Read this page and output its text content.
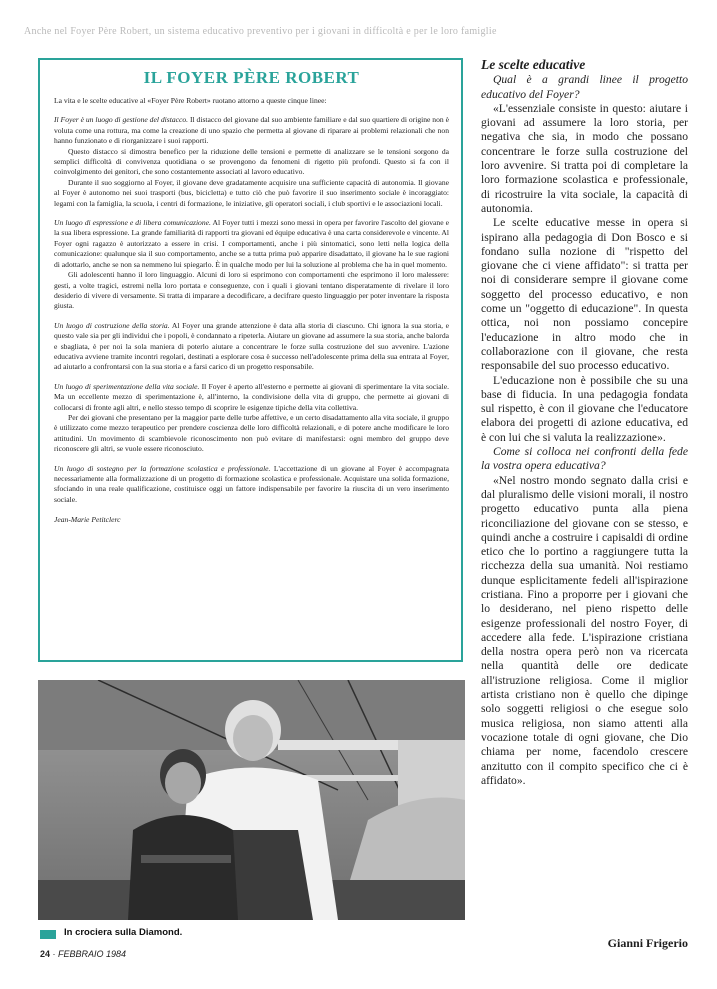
Anche nel Foyer Père Robert, un sistema educativo preventivo per i giovani in difficoltà e per le loro famiglie
IL FOYER PÈRE ROBERT

La vita e le scelte educative al «Foyer Père Robert» ruotano attorno a queste cinque linee:

Il Foyer è un luogo di gestione del distacco. Il distacco del giovane dal suo ambiente familiare e dal suo quartiere di origine non è voluta come una rottura, ma come la creazione di uno spazio che permetta al giovane di riparare ai problemi relazionali che non hanno funzionato e di riorganizzare i suoi rapporti.

Questo distacco si dimostra benefico per la riduzione delle tensioni e permette di analizzare se le tensioni sorgono da semplici difficoltà di convivenza quotidiana o se provengono da fenomeni di rigetto più profondi. Questo si fa con il coinvolgimento dei genitori, che sono costantemente associati al lavoro educativo.

Durante il suo soggiorno al Foyer, il giovane deve gradatamente acquisire una sufficiente capacità di autonomia. Il giovane al Foyer è autonomo nei suoi trasporti (bus, bicicletta) e tutto ciò che può favorire il suo inserimento sociale è incoraggiato: legami con la famiglia, la scuola, i centri di formazione, le iniziative, gli operatori sociali, i club sportivi e le associazioni locali.

Un luogo di espressione e di libera comunicazione. Al Foyer tutti i mezzi sono messi in opera per favorire l'ascolto del giovane e la sua libera espressione. La grande familiarità di rapporti tra giovani ed équipe educativa è una carta considerevole e vincente. Al Foyer ogni ragazzo è autorizzato a essere in crisi. I comportamenti, anche i più sintomatici, sono letti nella logica della comunicazione: qualunque sia il suo comportamento, anche se a tutta prima può apparire disadattato, il giovane ha le sue ragioni di adottarlo, anche se non sa nemmeno lui spiegarlo. È in qualche modo per lui la soluzione al problema che ha in quel momento.

Gli adolescenti hanno il loro linguaggio. Alcuni di loro si esprimono con comportamenti che esprimono il loro malessere: gesti, a volte tragici, estremi nella loro portata e conseguenze, con i quali i giovani tentano disperatamente di rivelare il loro desiderio di vivere di versamente. Si tratta di imparare a decodificare, a decifrare questo linguaggio per poter inventare la risposta giusta.

Un luogo di costruzione della storia. Al Foyer una grande attenzione è data alla storia di ciascuno. Chi ignora la sua storia, e questo vale sia per gli individui che i popoli, è condannato a ripeterla. Aiutare un giovane ad assumere la sua storia, anche balorda e sbagliata, è per noi la sola maniera di poterlo aiutare a concentrare le forze sulla costruzione del suo avvenire. L'azione educativa avviene tramite incontri regolari, destinati a esplorare cosa è successo nell'adolescente prima della sua entrata al Foyer, ad aiutarlo a confrontarsi con la sua storia e a farsi carico di un progetto responsabile.

Un luogo di sperimentazione della vita sociale. Il Foyer è aperto all'esterno e permette ai giovani di sperimentare la vita sociale. Ma un eccellente mezzo di sperimentazione è, all'interno, la condivisione della vita di gruppo, che permette ai giovani di collocarsi di fronte agli altri, e nello stesso tempo di scoprire le esigenze tipiche della vita collettiva.

Per dei giovani che presentano per la maggior parte delle turbe affettive, e un certo disadattamento alla vita sociale, il gruppo è utilizzato come mezzo terapeutico per prendere coscienza delle loro difficoltà relazionali, e di potere anche modificare le loro attitudini. Un movimento di scambievole riconoscimento non può evitare di manifestarsi: ogni membro del gruppo deve riconoscere gli altri, se vuole essere riconosciuto.

Un luogo di sostegno per la formazione scolastica e professionale. L'accettazione di un giovane al Foyer è accompagnata necessariamente alla formalizzazione di un progetto di formazione scolastica e professionale. Acquistare una solida formazione, sfociando in una reale qualificazione, costituisce oggi un fattore indispensabile per favorire la riuscita di un vero inserimento sociale.

Jean-Marie Petitclerc

In crociera sulla Diamond.
24 · FEBBRAIO 1984
Le scelte educative

Qual è a grandi linee il progetto educativo del Foyer?

«L'essenziale consiste in questo: aiutare i giovani ad assumere la loro storia, per negativa che sia, in modo che possano concentrare le forze sulla costruzione del loro avvenire. Si tratta poi di completare la loro formazione scolastica e professionale, di ricostruire la vita sociale, la capacità di autonomia.

Le scelte educative messe in opera si ispirano alla pedagogia di Don Bosco e si fondano sulla nozione di "rispetto del giovane che ci viene affidato": si tratta per noi di considerare sempre il giovane come soggetto del processo educativo, e non come un "oggetto di educazione". In questa ottica, noi non possiamo concepire l'educazione in altro modo che in collaborazione con il giovane, che resta responsabile del suo processo educativo.

L'educazione non è possibile che su una base di fiducia. In una pedagogia fondata sul rispetto, è con il giovane che l'educatore elabora dei progetti di azione educativa, ed è con lui che si valuta la realizzazione».

Come si colloca nei confronti della fede la vostra opera educativa?

«Nel nostro mondo segnato dalla crisi e dal pluralismo delle visioni morali, il nostro progetto educativo punta alla piena riconciliazione del giovane con se stesso, e quindi anche a costruire i capisaldi di ordine etico che lo portino a raggiungere tutta la ricchezza della sua umanità. Noi restiamo dunque esplicitamente fedeli all'ispirazione cristiana. Fino a proporre per i giovani che lo desiderano, nel pieno rispetto delle esigenze professionali del nostro Foyer, di accedere alla fede. L'ispirazione cristiana della nostra opera però non va ricercata nella quantità delle ore dedicate all'istruzione religiosa. Come il miglior artista cristiano non è quello che dipinge solo soggetti religiosi o che esegue solo musica religiosa, non siamo attenti alla vocazione totale di ogni giovane, che Dio chiama per nome, facendolo crescere anzitutto con il compito specifico che ci è affidato».

Gianni Frigerio
